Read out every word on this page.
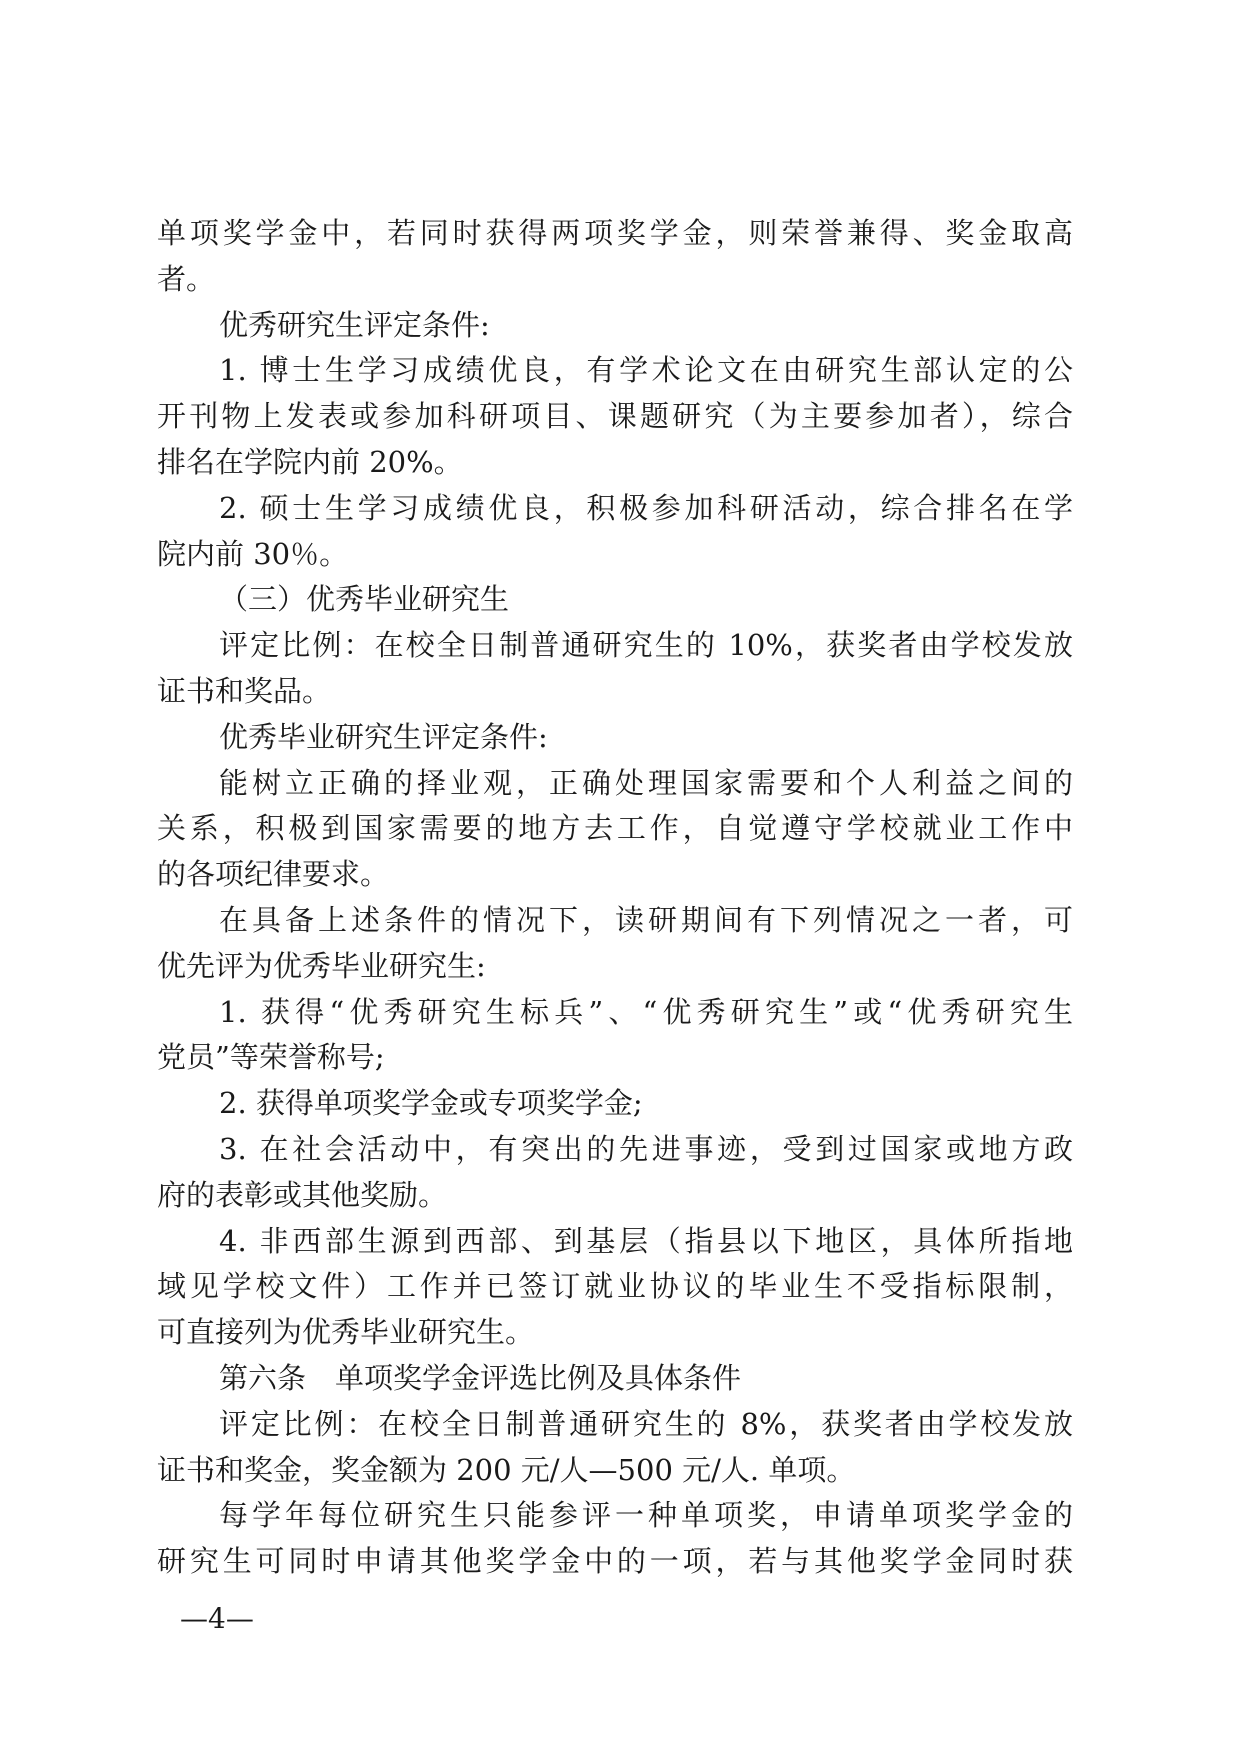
单项奖学金中，若同时获得两项奖学金，则荣誉兼得、奖金取高
者。
优秀研究生评定条件:
1. 博士生学习成绩优良，有学术论文在由研究生部认定的公
开刊物上发表或参加科研项目、课题研究（为主要参加者），综合
排名在学院内前 20%。
2. 硕士生学习成绩优良，积极参加科研活动，综合排名在学
院内前 30％。
（三）优秀毕业研究生
评定比例：在校全日制普通研究生的 10%，获奖者由学校发放
证书和奖品。
优秀毕业研究生评定条件:
能树立正确的择业观，正确处理国家需要和个人利益之间的
关系，积极到国家需要的地方去工作，自觉遵守学校就业工作中
的各项纪律要求。
在具备上述条件的情况下，读研期间有下列情况之一者，可
优先评为优秀毕业研究生:
1. 获得“优秀研究生标兵”、“优秀研究生”或“优秀研究生
党员”等荣誉称号;
2. 获得单项奖学金或专项奖学金;
3. 在社会活动中，有突出的先进事迹，受到过国家或地方政
府的表彰或其他奖励。
4. 非西部生源到西部、到基层（指县以下地区，具体所指地
域见学校文件）工作并已签订就业协议的毕业生不受指标限制，
可直接列为优秀毕业研究生。
第六条　单项奖学金评选比例及具体条件
评定比例：在校全日制普通研究生的 8%，获奖者由学校发放
证书和奖金，奖金额为 200 元/人—500 元/人. 单项。
每学年每位研究生只能参评一种单项奖，申请单项奖学金的
研究生可同时申请其他奖学金中的一项，若与其他奖学金同时获
—4—
